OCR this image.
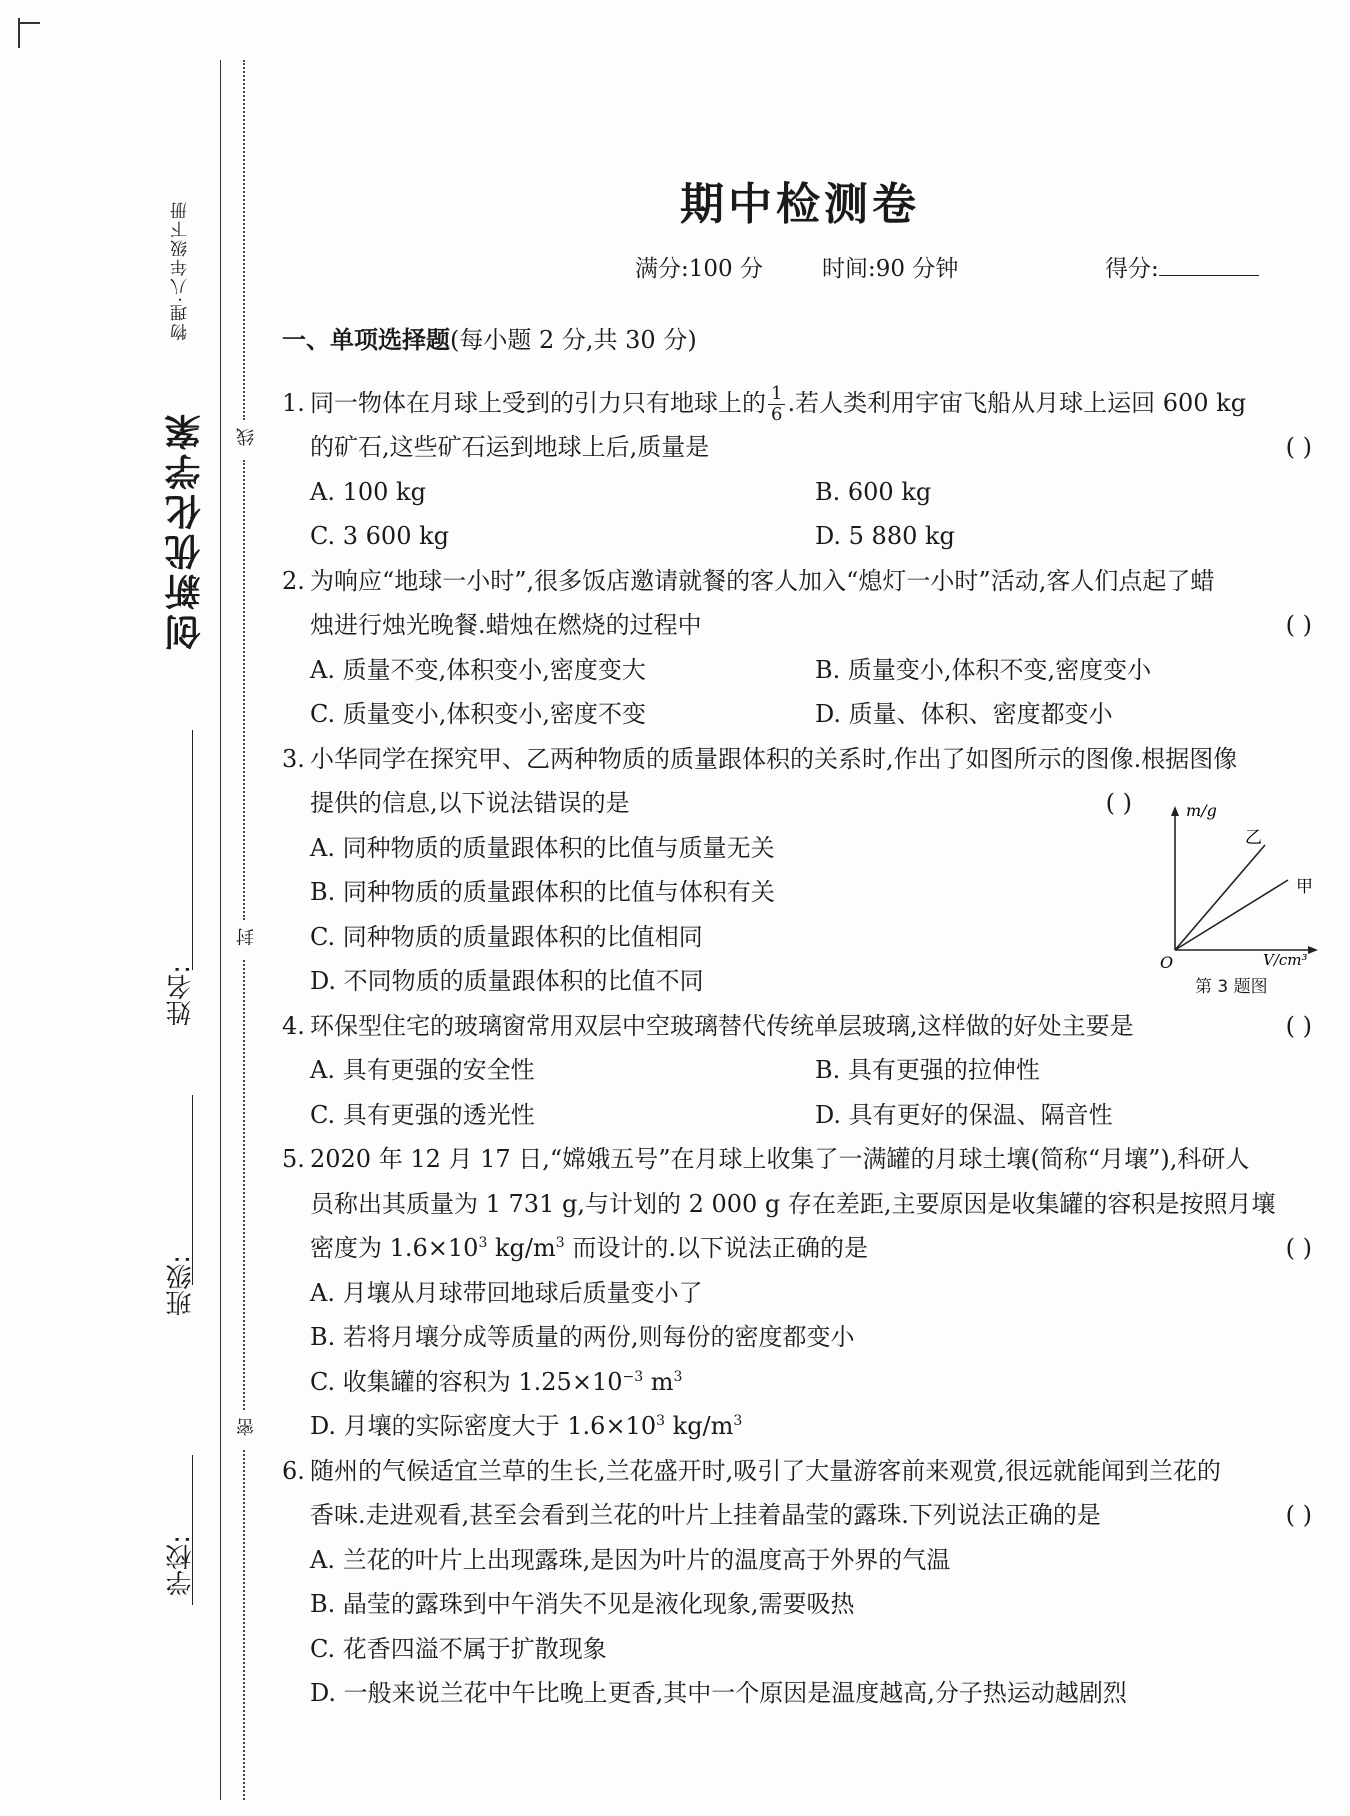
创新优化学案
物理·八年级下册
学校:
班级:
姓名:
线
封
密
期中检测卷
满分:100 分	时间:90 分钟	得分:
一、单项选择题(每小题 2 分,共 30 分)
1. 同一物体在月球上受到的引力只有地球上的 $\frac{1}{6}$ .若人类利用宇宙飞船从月球上运回 600 kg
的矿石,这些矿石运到地球上后,质量是	( )
A. 100 kg	B. 600 kg
C. 3 600 kg	D. 5 880 kg
2. 为响应“地球一小时”,很多饭店邀请就餐的客人加入“熄灯一小时”活动,客人们点起了蜡
烛进行烛光晚餐.蜡烛在燃烧的过程中	( )
A. 质量不变,体积变小,密度变大	B. 质量变小,体积不变,密度变小
C. 质量变小,体积变小,密度不变	D. 质量、体积、密度都变小
3. 小华同学在探究甲、乙两种物质的质量跟体积的关系时,作出了如图所示的图像.根据图像
提供的信息,以下说法错误的是	( )
A. 同种物质的质量跟体积的比值与质量无关
B. 同种物质的质量跟体积的比值与体积有关
C. 同种物质的质量跟体积的比值相同
D. 不同物质的质量跟体积的比值不同
4. 环保型住宅的玻璃窗常用双层中空玻璃替代传统单层玻璃,这样做的好处主要是	( )
A. 具有更强的安全性	B. 具有更强的拉伸性
C. 具有更强的透光性	D. 具有更好的保温、隔音性
5. 2020 年 12 月 17 日,“嫦娥五号”在月球上收集了一满罐的月球土壤(简称“月壤”),科研人
员称出其质量为 1 731 g,与计划的 2 000 g 存在差距,主要原因是收集罐的容积是按照月壤
密度为 $1.6\times 10^3$ $kg/m^3$ 而设计的.以下说法正确的是	( )
A. 月壤从月球带回地球后质量变小了
B. 若将月壤分成等质量的两份,则每份的密度都变小
C. 收集罐的容积为 $1.25\times 10^{-3}$ $m^3$
D. 月壤的实际密度大于 $1.6\times 10^3$ $kg/m^3$
6. 随州的气候适宜兰草的生长,兰花盛开时,吸引了大量游客前来观赏,很远就能闻到兰花的
香味.走进观看,甚至会看到兰花的叶片上挂着晶莹的露珠.下列说法正确的是	( )
A. 兰花的叶片上出现露珠,是因为叶片的温度高于外界的气温
B. 晶莹的露珠到中午消失不见是液化现象,需要吸热
C. 花香四溢不属于扩散现象
D. 一般来说兰花中午比晚上更香,其中一个原因是温度越高,分子热运动越剧烈
m/g
V/cm³
O
乙
甲
第 3 题图
